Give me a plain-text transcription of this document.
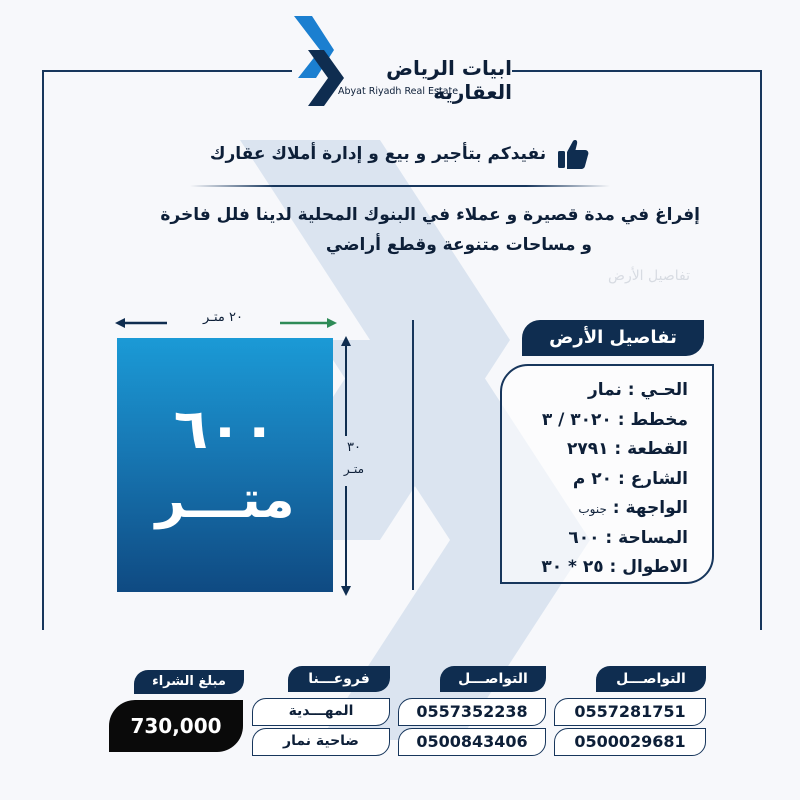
ابيات الرياض العقارية
Abyat Riyadh Real Estate
نفيدكم بتأجير و بيع و إدارة أملاك عقارك
إفراغ في مدة قصيرة و عملاء في البنوك المحلية لدينا فلل فاخرة
و مساحات متنوعة وقطع أراضي
تفاصيل الأرض
٢٠ متـر
٦٠٠
متـــر
٣٠
متـر
تفاصيل الأرض
الحـي : نمار
مخطط : ٣٠٢٠ / ٣
القطعة : ٢٧٩١
الشارع : ٢٠ م
الواجهة : جنوب
المساحة : ٦٠٠
الاطوال : ٢٥ * ٣٠
التواصـــل
0557281751
0500029681
التواصـــل
0557352238
0500843406
فروعـــنا
المهـــدية
ضاحية نمار
مبلغ الشراء
730,000
